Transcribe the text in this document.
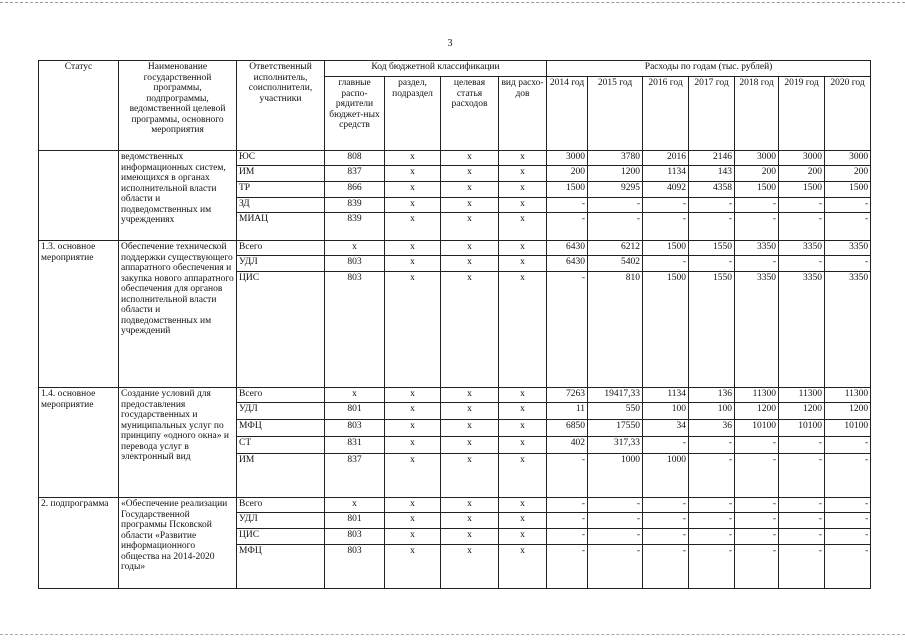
3
Статус	Наименование государственной программы, подпрограммы, ведомственной целевой программы, основного мероприятия	Ответственный исполнитель, соисполнители, участники	Код бюджетной классификации				Расходы по годам (тыс. рублей)						
			главные распо-рядители бюджет-ных средств	раздел, подраздел	целевая статья расходов	вид расхо-дов	2014 год	2015 год	2016 год	2017 год	2018 год	2019 год	2020 год
	ведомственных информационных систем, имеющихся в органах исполнительной власти области и подведомственных им учреждениях	ЮС	808	х	х	х	3000	3780	2016	2146	3000	3000	3000
		ИМ	837	х	х	х	200	1200	1134	143	200	200	200
		ТР	866	х	х	х	1500	9295	4092	4358	1500	1500	1500
		ЗД	839	х	х	х	-	-	-	-	-	-	-
		МИАЦ	839	х	х	х	-	-	-	-	-	-	-
1.3. основное мероприятие	Обеспечение технической поддержки существующего аппаратного обеспечения и закупка нового аппаратного обеспечения для органов исполнительной власти области и подведомственных им учреждений	Всего	х	х	х	х	6430	6212	1500	1550	3350	3350	3350
		УДЛ	803	х	х	х	6430	5402	-	-	-	-	-
		ЦИС	803	х	х	х	-	810	1500	1550	3350	3350	3350
1.4. основное мероприятие	Создание условий для предоставления государственных и муниципальных услуг по принципу «одного окна» и перевода услуг в электронный вид	Всего	х	х	х	х	7263	19417,33	1134	136	11300	11300	11300
		УДЛ	801	х	х	х	11	550	100	100	1200	1200	1200
		МФЦ	803	х	х	х	6850	17550	34	36	10100	10100	10100
		СТ	831	х	х	х	402	317,33	-	-	-	-	-
		ИМ	837	х	х	х	-	1000	1000	-	-	-	-
2. подпрограмма	«Обеспечение реализации Государственной программы Псковской области «Развитие информационного общества на 2014-2020 годы»	Всего	х	х	х	х	-	-	-	-	-	-	-
		УДЛ	801	х	х	х	-	-	-	-	-	-	-
		ЦИС	803	х	х	х	-	-	-	-	-	-	-
		МФЦ	803	х	х	х	-	-	-	-	-	-	-
